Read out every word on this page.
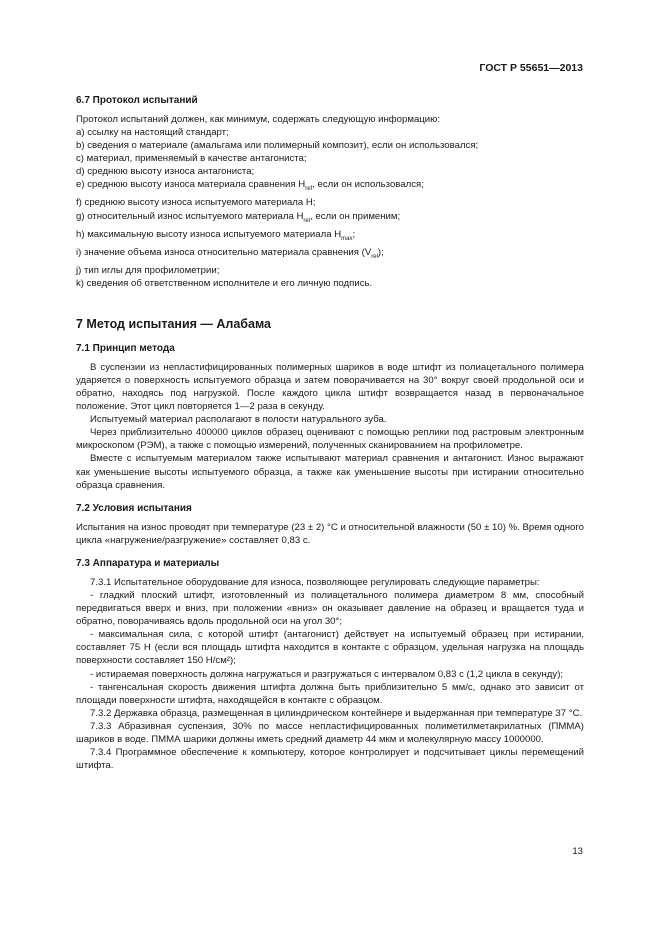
ГОСТ Р 55651—2013
6.7 Протокол испытаний

Протокол испытаний должен, как минимум, содержать следующую информацию:

a) ссылку на настоящий стандарт;

b) сведения о материале (амальгама или полимерный композит), если он использовался;

c) материал, применяемый в качестве антагониста;

d) среднюю высоту износа антагониста;

e) среднюю высоту износа материала сравнения $H_{ref}$, если он использовался;

f) среднюю высоту износа испытуемого материала H;

g) относительный износ испытуемого материала $H_{rel}$, если он применим;

h) максимальную высоту износа испытуемого материала $H_{max}$;

i) значение объема износа относительно материала сравнения $(V_{rel})$;

j) тип иглы для профилометрии;

k) сведения об ответственном исполнителе и его личную подпись.

7 Метод испытания — Алабама
7.1 Принцип метода

В суспензии из непластифицированных полимерных шариков в воде штифт из полиацетального полимера ударяется о поверхность испытуемого образца и затем поворачивается на 30° вокруг своей продольной оси и обратно, находясь под нагрузкой. После каждого цикла штифт возвращается назад в первоначальное положение. Этот цикл повторяется 1—2 раза в секунду.

Испытуемый материал располагают в полости натурального зуба.

Через приблизительно 400000 циклов образец оценивают с помощью реплики под растровым электронным микроскопом (РЭМ), а также с помощью измерений, полученных сканированием на профилометре.

Вместе с испытуемым материалом также испытывают материал сравнения и антагонист. Износ выражают как уменьшение высоты испытуемого образца, а также как уменьшение высоты при истирании относительно образца сравнения.

7.2 Условия испытания

Испытания на износ проводят при температуре (23 ± 2) °С и относительной влажности (50 ± 10) %. Время одного цикла «нагружение/разгружение» составляет 0,83 с.

7.3 Аппаратура и материалы

7.3.1 Испытательное оборудование для износа, позволяющее регулировать следующие параметры:

- гладкий плоский штифт, изготовленный из полиацетального полимера диаметром 8 мм, способный передвигаться вверх и вниз, при положении «вниз» он оказывает давление на образец и вращается туда и обратно, поворачиваясь вдоль продольной оси на угол 30°;

- максимальная сила, с которой штифт (антагонист) действует на испытуемый образец при истирании, составляет 75 Н (если вся площадь штифта находится в контакте с образцом, удельная нагрузка на площадь поверхности составляет 150 Н/см²);

- истираемая поверхность должна нагружаться и разгружаться с интервалом 0,83 с (1,2 цикла в секунду);

- тангенсальная скорость движения штифта должна быть приблизительно 5 мм/с, однако это зависит от площади поверхности штифта, находящейся в контакте с образцом.

7.3.2 Державка образца, размещенная в цилиндрическом контейнере и выдержанная при температуре 37 °С.

7.3.3 Абразивная суспензия, 30% по массе непластифицированных полиметилметакрилатных (ПММА) шариков в воде. ПММА шарики должны иметь средний диаметр 44 мкм и молекулярную массу 1000000.

7.3.4 Программное обеспечение к компьютеру, которое контролирует и подсчитывает циклы перемещений штифта.

13
